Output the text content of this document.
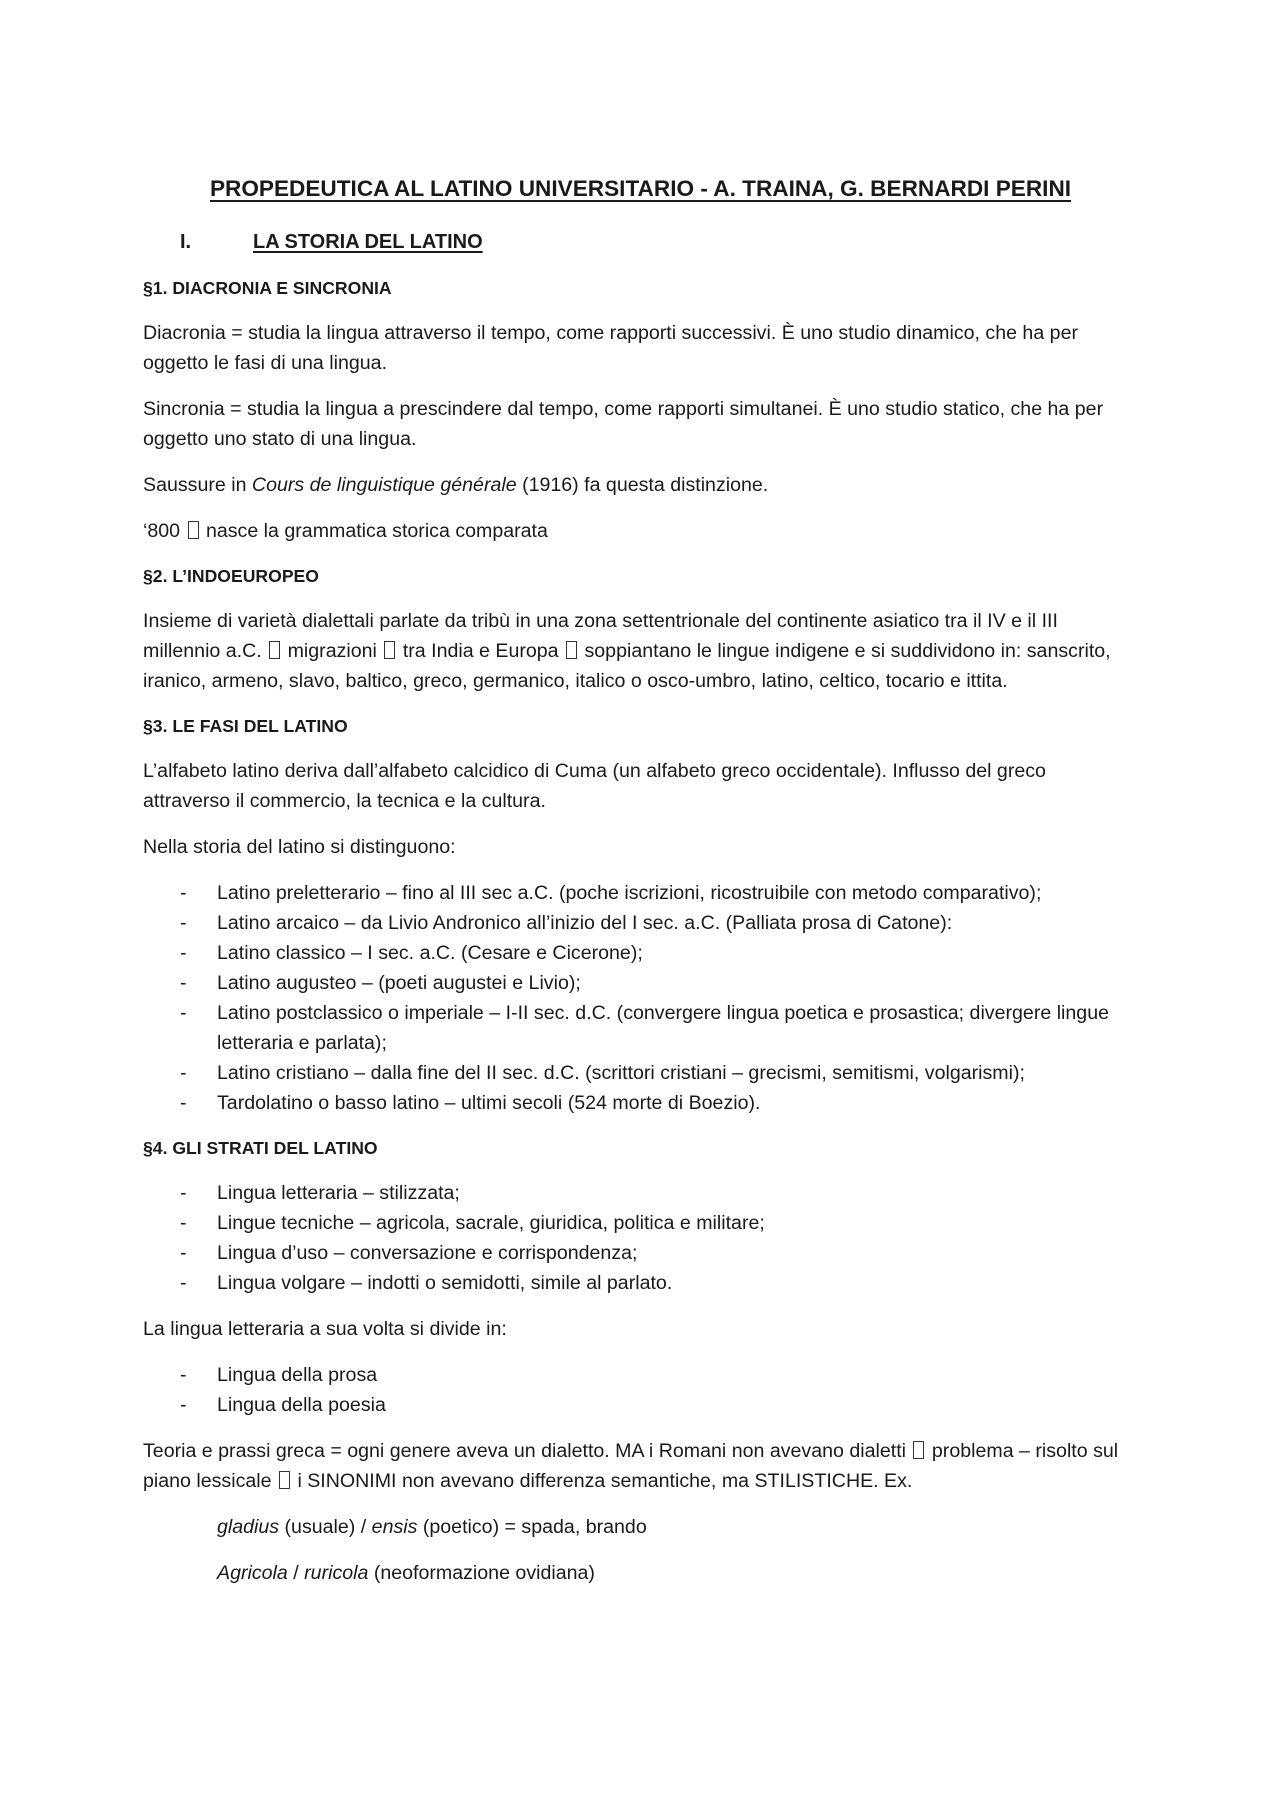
PROPEDEUTICA AL LATINO UNIVERSITARIO - A. TRAINA, G. BERNARDI PERINI
I.	LA STORIA DEL LATINO
§1. DIACRONIA E SINCRONIA

Diacronia = studia la lingua attraverso il tempo, come rapporti successivi. È uno studio dinamico, che ha per oggetto le fasi di una lingua.

Sincronia = studia la lingua a prescindere dal tempo, come rapporti simultanei. È uno studio statico, che ha per oggetto uno stato di una lingua.

Saussure in Cours de linguistique générale (1916) fa questa distinzione.

‘800 nasce la grammatica storica comparata

§2. L’INDOEUROPEO

Insieme di varietà dialettali parlate da tribù in una zona settentrionale del continente asiatico tra il IV e il III millennio a.C. migrazioni tra India e Europa soppiantano le lingue indigene e si suddividono in: sanscrito, iranico, armeno, slavo, baltico, greco, germanico, italico o osco-umbro, latino, celtico, tocario e ittita.

§3. LE FASI DEL LATINO

L’alfabeto latino deriva dall’alfabeto calcidico di Cuma (un alfabeto greco occidentale). Influsso del greco attraverso il commercio, la tecnica e la cultura.

Nella storia del latino si distinguono:

- Latino preletterario – fino al III sec a.C. (poche iscrizioni, ricostruibile con metodo comparativo);
- Latino arcaico – da Livio Andronico all’inizio del I sec. a.C. (Palliata prosa di Catone):
- Latino classico – I sec. a.C. (Cesare e Cicerone);
- Latino augusteo – (poeti augustei e Livio);
- Latino postclassico o imperiale – I-II sec. d.C. (convergere lingua poetica e prosastica; divergere lingue letteraria e parlata);
- Latino cristiano – dalla fine del II sec. d.C. (scrittori cristiani – grecismi, semitismi, volgarismi);
- Tardolatino o basso latino – ultimi secoli (524 morte di Boezio).
§4. GLI STRATI DEL LATINO
- Lingua letteraria – stilizzata;
- Lingue tecniche – agricola, sacrale, giuridica, politica e militare;
- Lingua d’uso – conversazione e corrispondenza;
- Lingua volgare – indotti o semidotti, simile al parlato.

La lingua letteraria a sua volta si divide in:

- Lingua della prosa
- Lingua della poesia

Teoria e prassi greca = ogni genere aveva un dialetto. MA i Romani non avevano dialetti problema – risolto sul piano lessicale i SINONIMI non avevano differenza semantiche, ma STILISTICHE. Ex.

gladius (usuale) / ensis (poetico) = spada, brando

Agricola / ruricola (neoformazione ovidiana)
